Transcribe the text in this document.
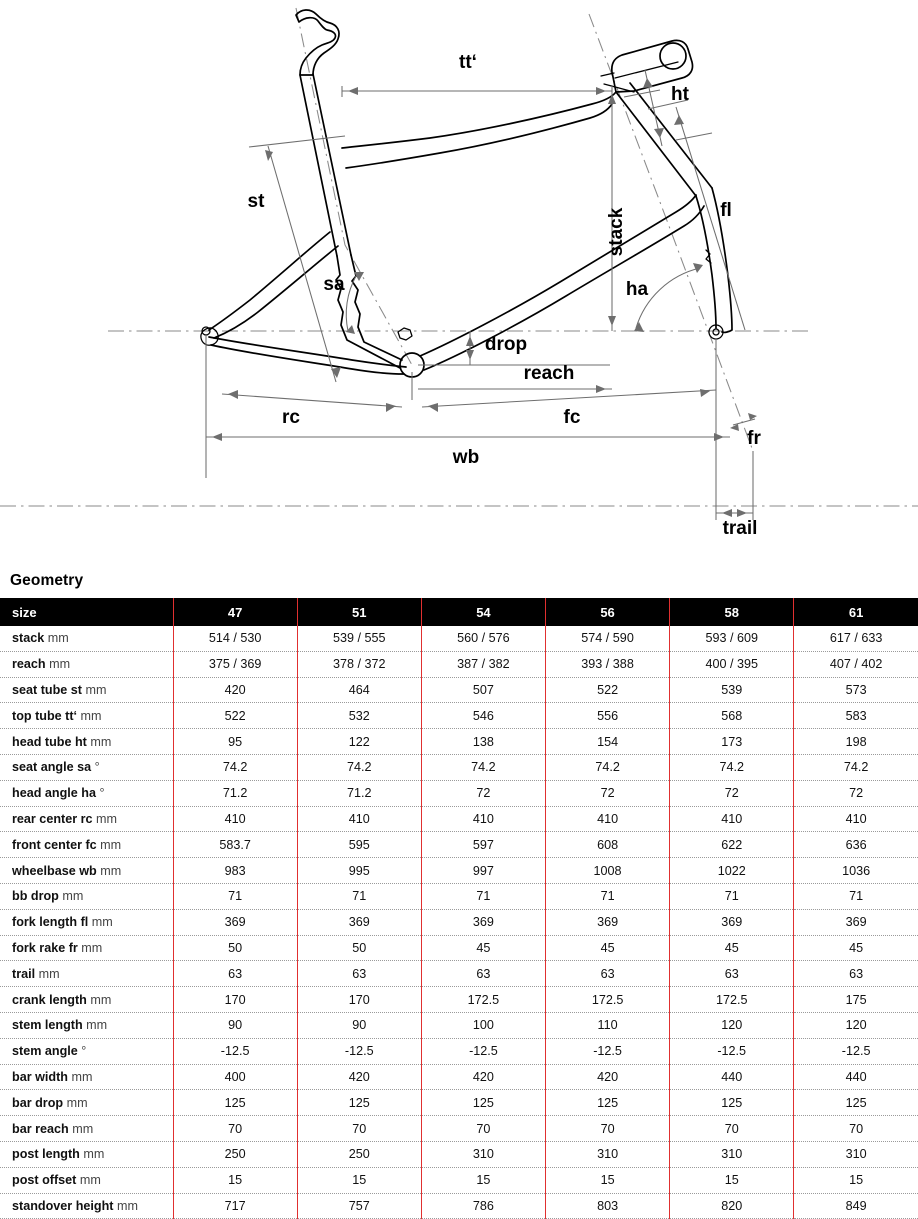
tt‘
ht
st	fl
stack
sa	ha
drop
reach
rc	fc
fr
wb
trail
Geometry
size	47	51	54	56	58	61
stack mm	514 / 530	539 / 555	560 / 576	574 / 590	593 / 609	617 / 633
reach mm	375 / 369	378 / 372	387 / 382	393 / 388	400 / 395	407 / 402
seat tube st mm	420	464	507	522	539	573
top tube tt‘ mm	522	532	546	556	568	583
head tube ht mm	95	122	138	154	173	198
seat angle sa °	74.2	74.2	74.2	74.2	74.2	74.2
head angle ha °	71.2	71.2	72	72	72	72
rear center rc mm	410	410	410	410	410	410
front center fc mm	583.7	595	597	608	622	636
wheelbase wb mm	983	995	997	1008	1022	1036
bb drop mm	71	71	71	71	71	71
fork length fl mm	369	369	369	369	369	369
fork rake fr mm	50	50	45	45	45	45
trail mm	63	63	63	63	63	63
crank length mm	170	170	172.5	172.5	172.5	175
stem length mm	90	90	100	110	120	120
stem angle °	-12.5	-12.5	-12.5	-12.5	-12.5	-12.5
bar width mm	400	420	420	420	440	440
bar drop mm	125	125	125	125	125	125
bar reach mm	70	70	70	70	70	70
post length mm	250	250	310	310	310	310
post offset mm	15	15	15	15	15	15
standover height mm	717	757	786	803	820	849
